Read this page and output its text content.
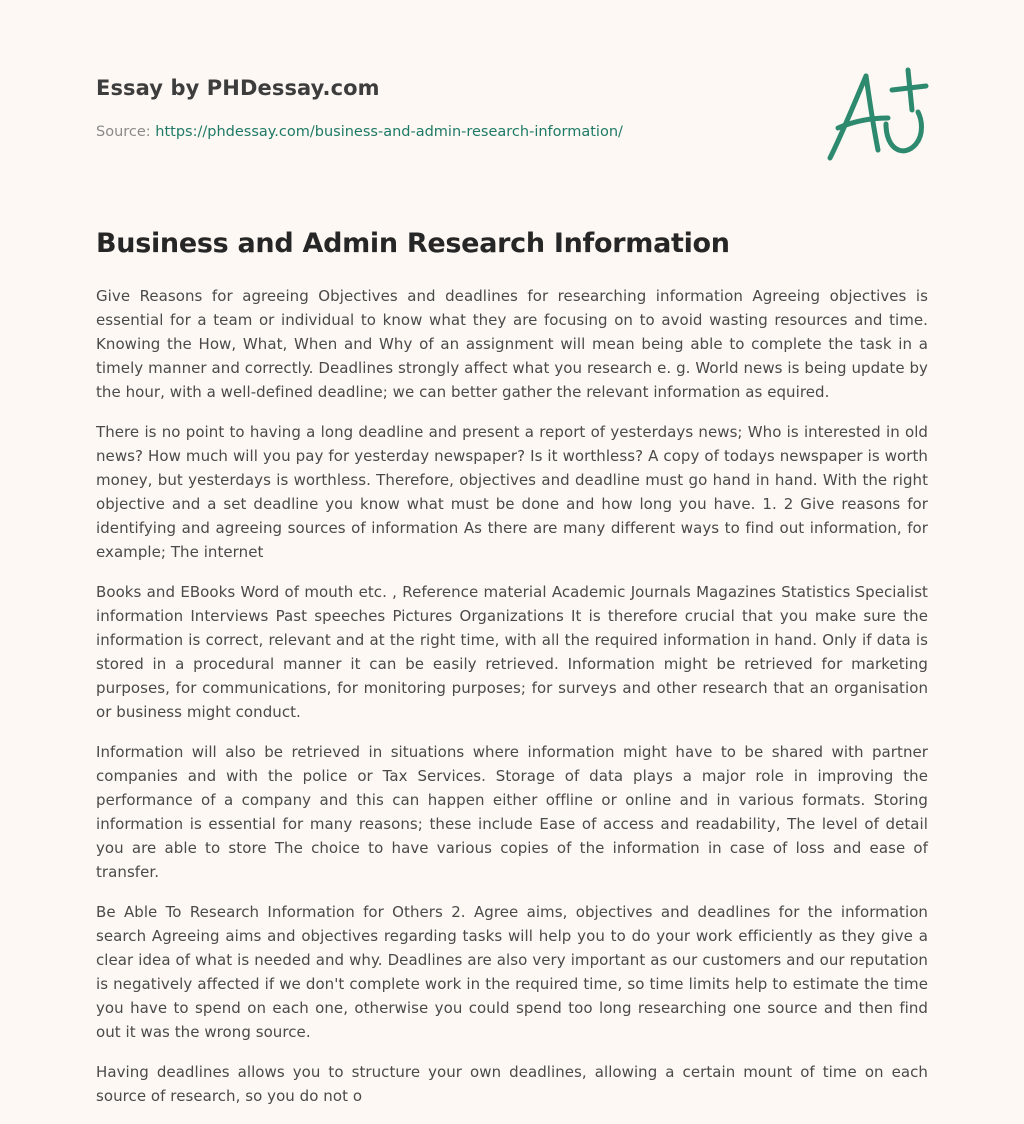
Essay by PHDessay.com
Source: https://phdessay.com/business-and-admin-research-information/
Business and Admin Research Information

Give Reasons for agreeing Objectives and deadlines for researching information Agreeing objectives is essential for a team or individual to know what they are focusing on to avoid wasting resources and time. Knowing the How, What, When and Why of an assignment will mean being able to complete the task in a timely manner and correctly. Deadlines strongly affect what you research e. g. World news is being update by the hour, with a well-defined deadline; we can better gather the relevant information as equired.

There is no point to having a long deadline and present a report of yesterdays news; Who is interested in old news? How much will you pay for yesterday newspaper? Is it worthless? A copy of todays newspaper is worth money, but yesterdays is worthless. Therefore, objectives and deadline must go hand in hand. With the right objective and a set deadline you know what must be done and how long you have. 1. 2 Give reasons for identifying and agreeing sources of information As there are many different ways to find out information, for example; The internet

Books and EBooks Word of mouth etc. , Reference material Academic Journals Magazines Statistics Specialist information Interviews Past speeches Pictures Organizations It is therefore crucial that you make sure the information is correct, relevant and at the right time, with all the required information in hand. Only if data is stored in a procedural manner it can be easily retrieved. Information might be retrieved for marketing purposes, for communications, for monitoring purposes; for surveys and other research that an organisation or business might conduct.

Information will also be retrieved in situations where information might have to be shared with partner companies and with the police or Tax Services. Storage of data plays a major role in improving the performance of a company and this can happen either offline or online and in various formats. Storing information is essential for many reasons; these include Ease of access and readability, The level of detail you are able to store The choice to have various copies of the information in case of loss and ease of transfer.

Be Able To Research Information for Others 2. Agree aims, objectives and deadlines for the information search Agreeing aims and objectives regarding tasks will help you to do your work efficiently as they give a clear idea of what is needed and why. Deadlines are also very important as our customers and our reputation is negatively affected if we don't complete work in the required time, so time limits help to estimate the time you have to spend on each one, otherwise you could spend too long researching one source and then find out it was the wrong source.

Having deadlines allows you to structure your own deadlines, allowing a certain mount of time on each source of research, so you do not o
